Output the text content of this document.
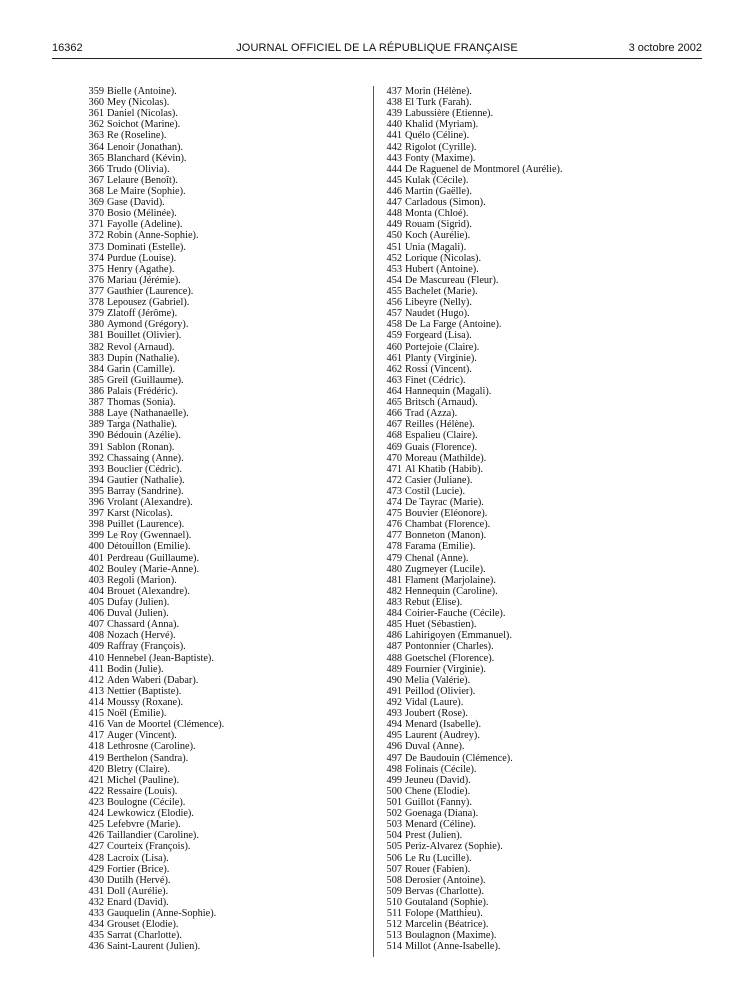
16362	JOURNAL OFFICIEL DE LA RÉPUBLIQUE FRANÇAISE	3 octobre 2002
359 Bielle (Antoine).
360 Mey (Nicolas).
361 Daniel (Nicolas).
362 Soichot (Marine).
363 Re (Roseline).
364 Lenoir (Jonathan).
365 Blanchard (Kévin).
366 Trudo (Olivia).
367 Lelaure (Benoît).
368 Le Maire (Sophie).
369 Gase (David).
370 Bosio (Mélinée).
371 Fayolle (Adeline).
372 Robin (Anne-Sophie).
373 Dominati (Estelle).
374 Purdue (Louise).
375 Henry (Agathe).
376 Mariau (Jérémie).
377 Gauthier (Laurence).
378 Lepousez (Gabriel).
379 Zlatoff (Jérôme).
380 Aymond (Grégory).
381 Bouillet (Olivier).
382 Revol (Arnaud).
383 Dupin (Nathalie).
384 Garin (Camille).
385 Greil (Guillaume).
386 Palais (Frédéric).
387 Thomas (Sonia).
388 Laye (Nathanaelle).
389 Targa (Nathalie).
390 Bédouin (Azélie).
391 Sablon (Ronan).
392 Chassaing (Anne).
393 Bouclier (Cédric).
394 Gautier (Nathalie).
395 Barray (Sandrine).
396 Vrolant (Alexandre).
397 Karst (Nicolas).
398 Puillet (Laurence).
399 Le Roy (Gwennael).
400 Détouillon (Emilie).
401 Perdreau (Guillaume).
402 Bouley (Marie-Anne).
403 Regoli (Marion).
404 Brouet (Alexandre).
405 Dufay (Julien).
406 Duval (Julien).
407 Chassard (Anna).
408 Nozach (Hervé).
409 Raffray (François).
410 Hennebel (Jean-Baptiste).
411 Bodin (Julie).
412 Aden Waberi (Dabar).
413 Nettier (Baptiste).
414 Moussy (Roxane).
415 Noël (Emilie).
416 Van de Moortel (Clémence).
417 Auger (Vincent).
418 Lethrosne (Caroline).
419 Berthelon (Sandra).
420 Bletry (Claire).
421 Michel (Pauline).
422 Ressaire (Louis).
423 Boulogne (Cécile).
424 Lewkowicz (Elodie).
425 Lefebvre (Marie).
426 Taillandier (Caroline).
427 Courteix (François).
428 Lacroix (Lisa).
429 Fortier (Brice).
430 Dutilh (Hervé).
431 Doll (Aurélie).
432 Enard (David).
433 Gauquelin (Anne-Sophie).
434 Grouset (Elodie).
435 Sarrat (Charlotte).
436 Saint-Laurent (Julien).
437 Morin (Hélène).
438 El Turk (Farah).
439 Labussière (Etienne).
440 Khalid (Myriam).
441 Quélo (Céline).
442 Rigolot (Cyrille).
443 Fonty (Maxime).
444 De Raguenel de Montmorel (Aurélie).
445 Kulak (Cécile).
446 Martin (Gaëlle).
447 Carladous (Simon).
448 Monta (Chloé).
449 Rouam (Sigrid).
450 Koch (Aurélie).
451 Unia (Magali).
452 Lorique (Nicolas).
453 Hubert (Antoine).
454 De Mascureau (Fleur).
455 Bachelet (Marie).
456 Libeyre (Nelly).
457 Naudet (Hugo).
458 De La Farge (Antoine).
459 Forgeard (Lisa).
460 Portejoie (Claire).
461 Planty (Virginie).
462 Rossi (Vincent).
463 Finet (Cédric).
464 Hannequin (Magali).
465 Britsch (Arnaud).
466 Trad (Azza).
467 Reilles (Hélène).
468 Espalieu (Claire).
469 Guais (Florence).
470 Moreau (Mathilde).
471 Al Khatib (Habib).
472 Casier (Juliane).
473 Costil (Lucie).
474 De Tayrac (Marie).
475 Bouvier (Eléonore).
476 Chambat (Florence).
477 Bonneton (Manon).
478 Farama (Emilie).
479 Chenal (Anne).
480 Zugmeyer (Lucile).
481 Flament (Marjolaine).
482 Hennequin (Caroline).
483 Rebut (Elise).
484 Coirier-Fauche (Cécile).
485 Huet (Sébastien).
486 Lahirigoyen (Emmanuel).
487 Pontonnier (Charles).
488 Goetschel (Florence).
489 Fournier (Virginie).
490 Melia (Valérie).
491 Peillod (Olivier).
492 Vidal (Laure).
493 Joubert (Rose).
494 Menard (Isabelle).
495 Laurent (Audrey).
496 Duval (Anne).
497 De Baudouin (Clémence).
498 Folinais (Cécile).
499 Jeuneu (David).
500 Chene (Elodie).
501 Guillot (Fanny).
502 Goenaga (Diana).
503 Menard (Céline).
504 Prest (Julien).
505 Periz-Alvarez (Sophie).
506 Le Ru (Lucille).
507 Rouer (Fabien).
508 Derosier (Antoine).
509 Bervas (Charlotte).
510 Goutaland (Sophie).
511 Folope (Matthieu).
512 Marcelin (Béatrice).
513 Boulagnon (Maxime).
514 Millot (Anne-Isabelle).
